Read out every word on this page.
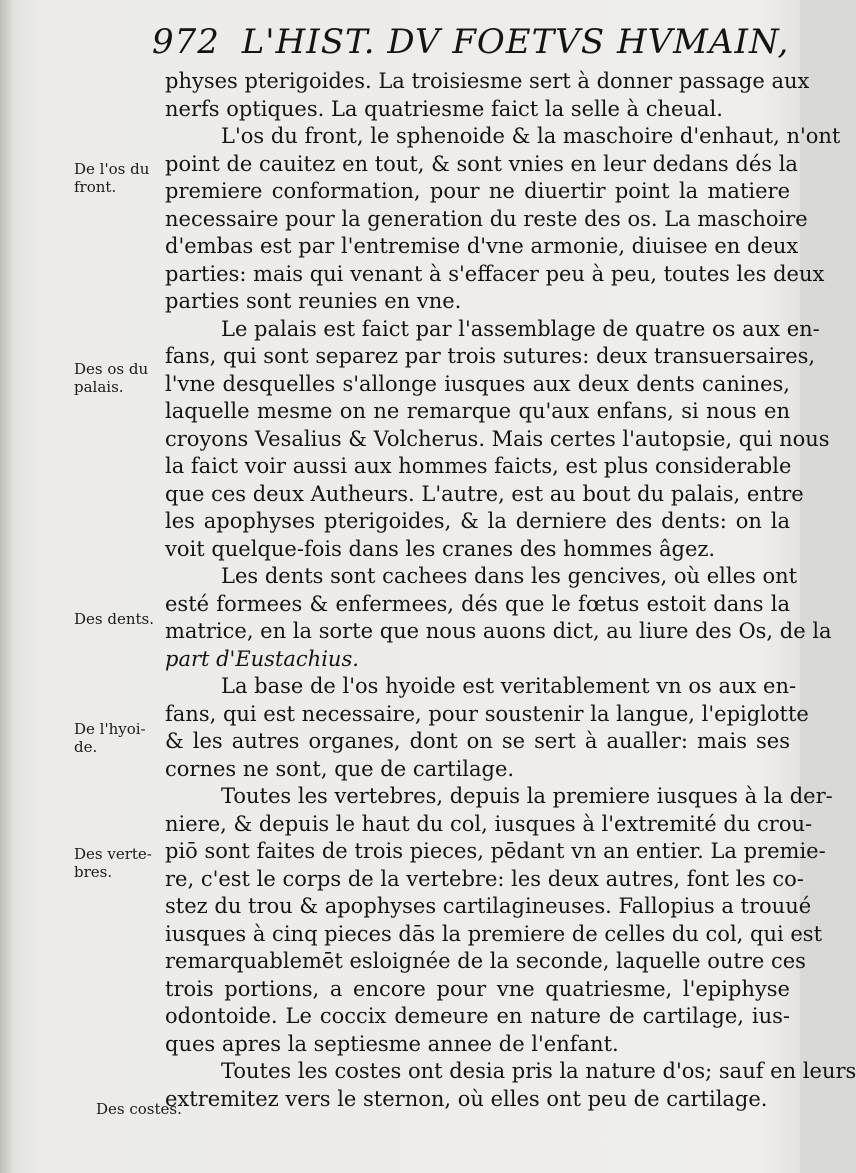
972 L'HIST. DV FOETVS HVMAIN,
physes pterigoides. La troisiesme sert à donner passage aux
nerfs optiques. La quatriesme faict la selle à cheual.
L'os du front, le sphenoide & la maschoire d'enhaut, n'ont
point de cauitez en tout, & sont vnies en leur dedans dés la
premiere conformation, pour ne diuertir point la matiere
necessaire pour la generation du reste des os. La maschoire
d'embas est par l'entremise d'vne armonie, diuisee en deux
parties: mais qui venant à s'effacer peu à peu, toutes les deux
parties sont reunies en vne.
Le palais est faict par l'assemblage de quatre os aux en-
fans, qui sont separez par trois sutures: deux transuersaires,
l'vne desquelles s'allonge iusques aux deux dents canines,
laquelle mesme on ne remarque qu'aux enfans, si nous en
croyons Vesalius & Volcherus. Mais certes l'autopsie, qui nous
la faict voir aussi aux hommes faicts, est plus considerable
que ces deux Autheurs. L'autre, est au bout du palais, entre
les apophyses pterigoides, & la derniere des dents: on la
voit quelque-fois dans les cranes des hommes âgez.
Les dents sont cachees dans les gencives, où elles ont
esté formees & enfermees, dés que le fœtus estoit dans la
matrice, en la sorte que nous auons dict, au liure des Os, de la
part d'Eustachius.
La base de l'os hyoide est veritablement vn os aux en-
fans, qui est necessaire, pour soustenir la langue, l'epiglotte
& les autres organes, dont on se sert à aualler: mais ses
cornes ne sont, que de cartilage.
Toutes les vertebres, depuis la premiere iusques à la der-
niere, & depuis le haut du col, iusques à l'extremité du crou-
piō sont faites de trois pieces, pēdant vn an entier. La premie-
re, c'est le corps de la vertebre: les deux autres, font les co-
stez du trou & apophyses cartilagineuses. Fallopius a trouué
iusques à cinq pieces dās la premiere de celles du col, qui est
remarquablemēt esloignée de la seconde, laquelle outre ces
trois portions, a encore pour vne quatriesme, l'epiphyse
odontoide. Le coccix demeure en nature de cartilage, ius-
ques apres la septiesme annee de l'enfant.
Toutes les costes ont desia pris la nature d'os; sauf en leurs
extremitez vers le sternon, où elles ont peu de cartilage.
De l'os du
front.
Des os du
palais.
Des dents.
De l'hyoi-
de.
Des verte-
bres.
Des costes.
